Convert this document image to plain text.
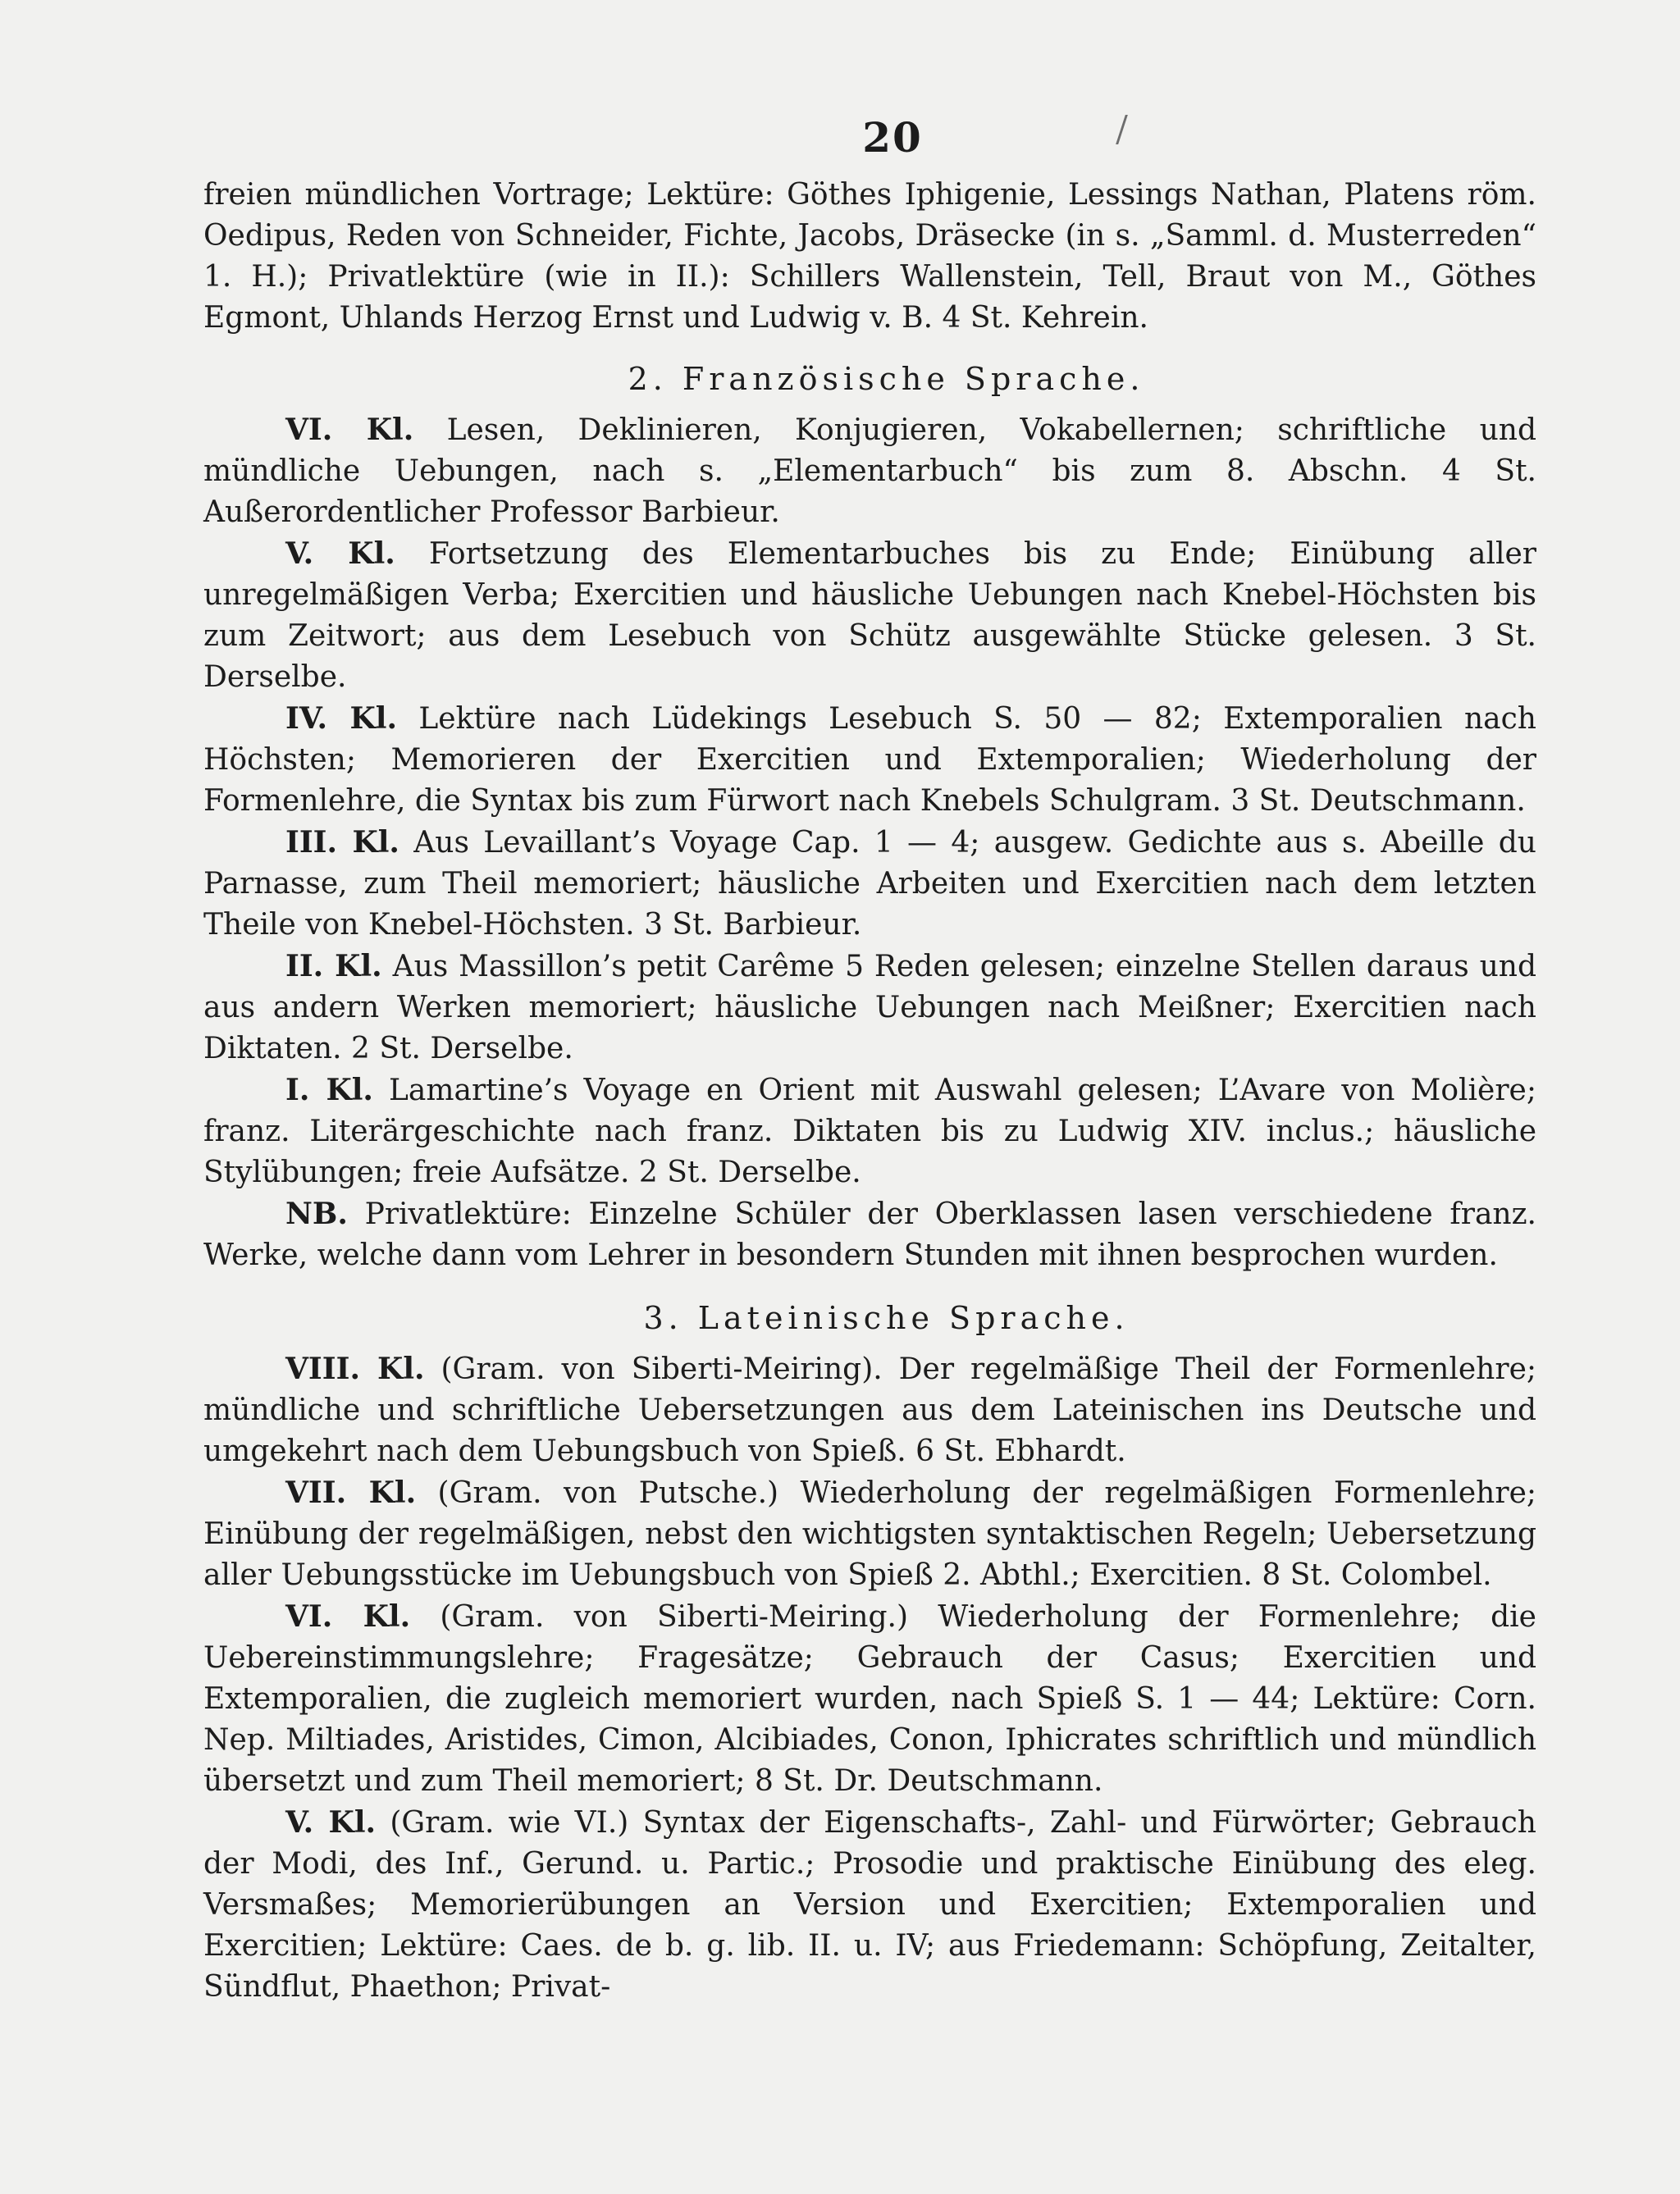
20

freien mündlichen Vortrage; Lektüre: Göthes Iphigenie, Lessings Nathan, Platens röm. Oedipus, Reden von Schneider, Fichte, Jacobs, Dräsecke (in s. „Samml. d. Musterreden“ 1. H.); Privatlektüre (wie in II.): Schillers Wallenstein, Tell, Braut von M., Göthes Egmont, Uhlands Herzog Ernst und Ludwig v. B. 4 St. Kehrein.

2. Französische Sprache.

VI. Kl. Lesen, Deklinieren, Konjugieren, Vokabellernen; schriftliche und mündliche Uebungen, nach s. „Elementarbuch“ bis zum 8. Abschn. 4 St. Außerordentlicher Professor Barbieur.

V. Kl. Fortsetzung des Elementarbuches bis zu Ende; Einübung aller unregelmäßigen Verba; Exercitien und häusliche Uebungen nach Knebel-Höchsten bis zum Zeitwort; aus dem Lesebuch von Schütz ausgewählte Stücke gelesen. 3 St. Derselbe.

IV. Kl. Lektüre nach Lüdekings Lesebuch S. 50 — 82; Extemporalien nach Höchsten; Memorieren der Exercitien und Extemporalien; Wiederholung der Formenlehre, die Syntax bis zum Fürwort nach Knebels Schulgram. 3 St. Deutschmann.

III. Kl. Aus Levaillant’s Voyage Cap. 1 — 4; ausgew. Gedichte aus s. Abeille du Parnasse, zum Theil memoriert; häusliche Arbeiten und Exercitien nach dem letzten Theile von Knebel-Höchsten. 3 St. Barbieur.

II. Kl. Aus Massillon’s petit Carême 5 Reden gelesen; einzelne Stellen daraus und aus andern Werken memoriert; häusliche Uebungen nach Meißner; Exercitien nach Diktaten. 2 St. Derselbe.

I. Kl. Lamartine’s Voyage en Orient mit Auswahl gelesen; L’Avare von Molière; franz. Literärgeschichte nach franz. Diktaten bis zu Ludwig XIV. inclus.; häusliche Stylübungen; freie Aufsätze. 2 St. Derselbe.

NB. Privatlektüre: Einzelne Schüler der Oberklassen lasen verschiedene franz. Werke, welche dann vom Lehrer in besondern Stunden mit ihnen besprochen wurden.

3. Lateinische Sprache.

VIII. Kl. (Gram. von Siberti-Meiring). Der regelmäßige Theil der Formenlehre; mündliche und schriftliche Uebersetzungen aus dem Lateinischen ins Deutsche und umgekehrt nach dem Uebungsbuch von Spieß. 6 St. Ebhardt.

VII. Kl. (Gram. von Putsche.) Wiederholung der regelmäßigen Formenlehre; Einübung der regelmäßigen, nebst den wichtigsten syntaktischen Regeln; Uebersetzung aller Uebungsstücke im Uebungsbuch von Spieß 2. Abthl.; Exercitien. 8 St. Colombel.

VI. Kl. (Gram. von Siberti-Meiring.) Wiederholung der Formenlehre; die Uebereinstimmungslehre; Fragesätze; Gebrauch der Casus; Exercitien und Extemporalien, die zugleich memoriert wurden, nach Spieß S. 1 — 44; Lektüre: Corn. Nep. Miltiades, Aristides, Cimon, Alcibiades, Conon, Iphicrates schriftlich und mündlich übersetzt und zum Theil memoriert; 8 St. Dr. Deutschmann.

V. Kl. (Gram. wie VI.) Syntax der Eigenschafts-, Zahl- und Fürwörter; Gebrauch der Modi, des Inf., Gerund. u. Partic.; Prosodie und praktische Einübung des eleg. Versmaßes; Memorierübungen an Version und Exercitien; Extemporalien und Exercitien; Lektüre: Caes. de b. g. lib. II. u. IV; aus Friedemann: Schöpfung, Zeitalter, Sündflut, Phaethon; Privat-
